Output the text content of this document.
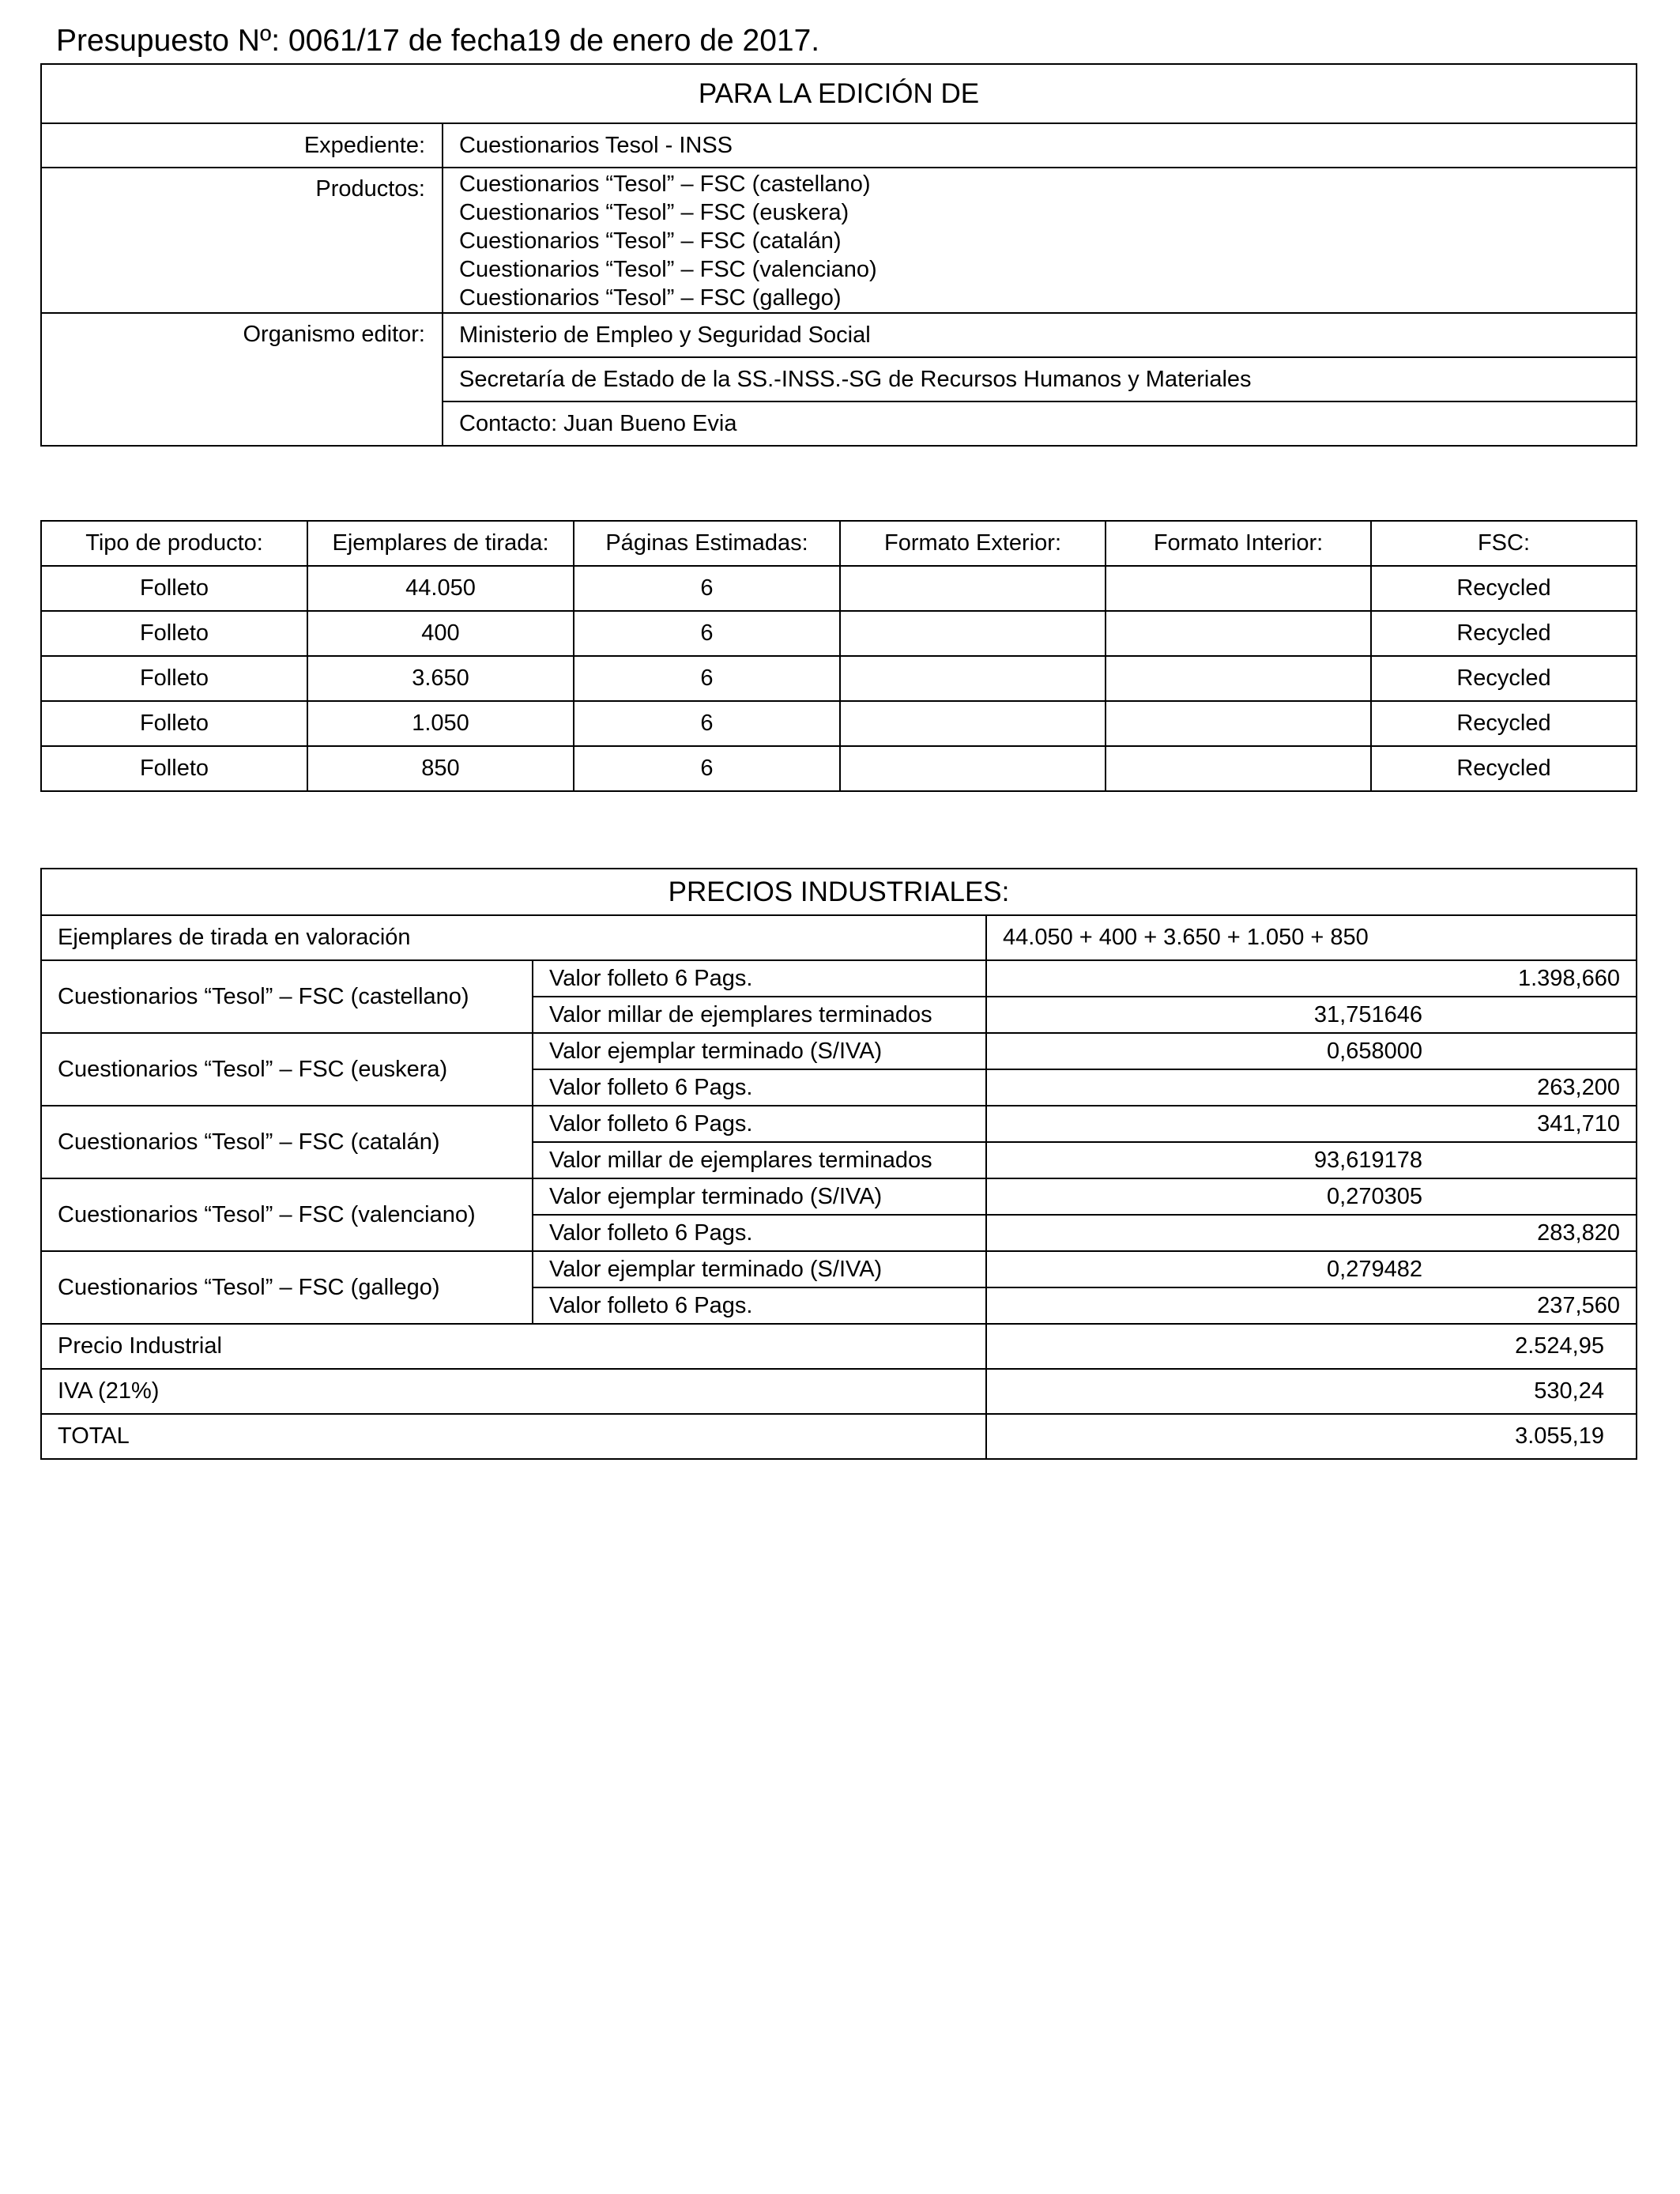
Presupuesto Nº: 0061/17 de fecha19 de enero de 2017.
PARA LA EDICIÓN DE	
Expediente:	Cuestionarios Tesol - INSS
Productos:	Cuestionarios “Tesol” – FSC (castellano)
Cuestionarios “Tesol” – FSC (euskera)
Cuestionarios “Tesol” – FSC (catalán)
Cuestionarios “Tesol” – FSC (valenciano)
Cuestionarios “Tesol” – FSC (gallego)

Organismo editor:	Ministerio de Empleo y Seguridad Social
	Secretaría de Estado de la SS.-INSS.-SG de Recursos Humanos y Materiales
	Contacto: Juan Bueno Evia
Tipo de producto:	Ejemplares de tirada:	Páginas Estimadas:	Formato Exterior:	Formato Interior:	FSC:
Folleto	44.050	6			Recycled
Folleto	400	6			Recycled
Folleto	3.650	6			Recycled
Folleto	1.050	6			Recycled
Folleto	850	6			Recycled
PRECIOS INDUSTRIALES:		
Ejemplares de tirada en valoración		44.050 + 400 + 3.650 + 1.050 + 850
Cuestionarios “Tesol” – FSC (castellano)	Valor folleto 6 Pags.	1.398,660
	Valor millar de ejemplares terminados	31,751646
Cuestionarios “Tesol” – FSC (euskera)	Valor ejemplar terminado (S/IVA)	0,658000
	Valor folleto 6 Pags.	263,200
Cuestionarios “Tesol” – FSC (catalán)	Valor folleto 6 Pags.	341,710
	Valor millar de ejemplares terminados	93,619178
Cuestionarios “Tesol” – FSC (valenciano)	Valor ejemplar terminado (S/IVA)	0,270305
	Valor folleto 6 Pags.	283,820
Cuestionarios “Tesol” – FSC (gallego)	Valor ejemplar terminado (S/IVA)	0,279482
	Valor folleto 6 Pags.	237,560
Precio Industrial		2.524,95
IVA (21%)		530,24
TOTAL		3.055,19
